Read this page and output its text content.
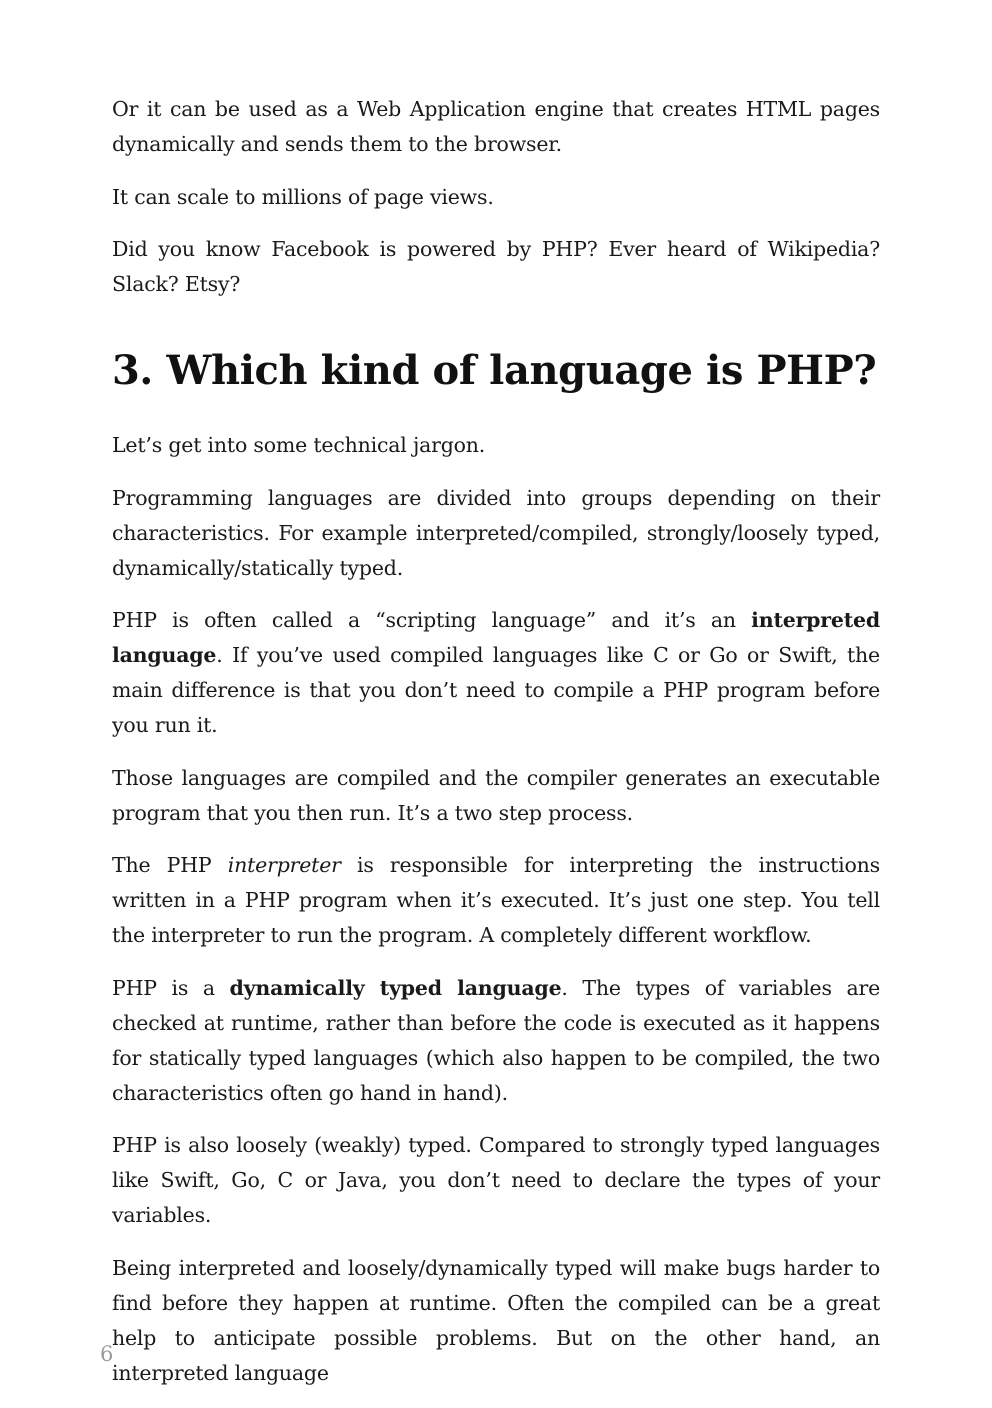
Or it can be used as a Web Application engine that creates HTML pages dynamically and sends them to the browser.

It can scale to millions of page views.

Did you know Facebook is powered by PHP? Ever heard of Wikipedia? Slack? Etsy?

3. Which kind of language is PHP?

Let’s get into some technical jargon.

Programming languages are divided into groups depending on their characteristics. For example interpreted/compiled, strongly/loosely typed, dynamically/statically typed.

PHP is often called a “scripting language” and it’s an interpreted language. If you’ve used compiled languages like C or Go or Swift, the main difference is that you don’t need to compile a PHP program before you run it.

Those languages are compiled and the compiler generates an executable program that you then run. It’s a two step process.

The PHP interpreter is responsible for interpreting the instructions written in a PHP program when it’s executed. It’s just one step. You tell the interpreter to run the program. A completely different workflow.

PHP is a dynamically typed language. The types of variables are checked at runtime, rather than before the code is executed as it happens for statically typed languages (which also happen to be compiled, the two characteristics often go hand in hand).

PHP is also loosely (weakly) typed. Compared to strongly typed languages like Swift, Go, C or Java, you don’t need to declare the types of your variables.

Being interpreted and loosely/dynamically typed will make bugs harder to find before they happen at runtime. Often the compiled can be a great help to anticipate possible problems. But on the other hand, an interpreted language

6
